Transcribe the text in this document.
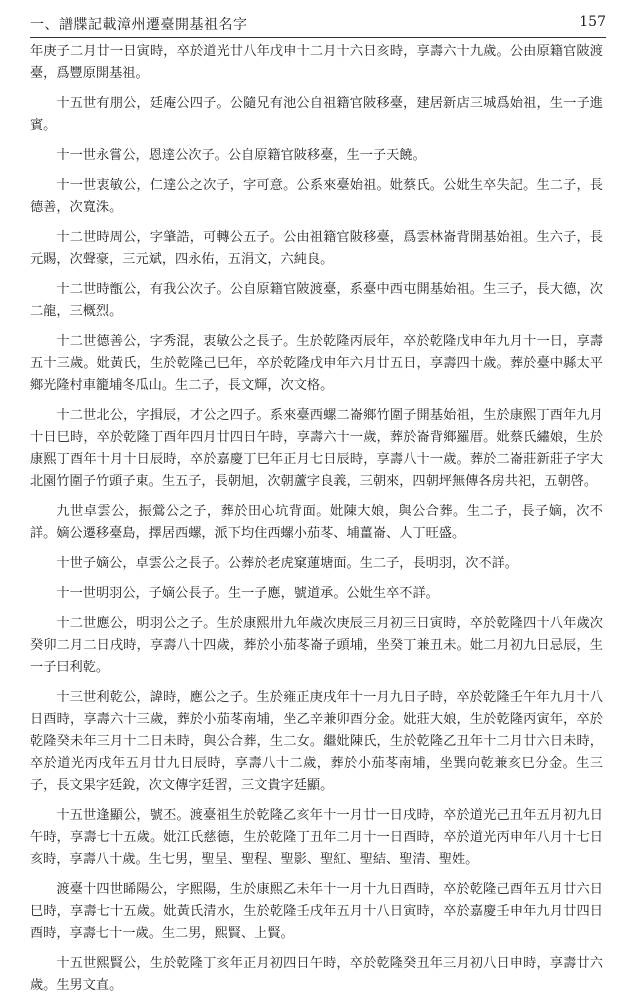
一、譜牒記載漳州遷臺開基祖名字	157

年庚子二月廿一日寅時，卒於道光廿八年戊申十二月十六日亥時，享壽六十九歲。公由原籍官陂渡臺，爲豐原開基祖。

十五世有朋公，廷庵公四子。公隨兄有池公自祖籍官陂移臺，建居新店三城爲始祖，生一子進賓。

十一世永嘗公，恩達公次子。公自原籍官陂移臺，生一子天饒。

十一世衷敏公，仁達公之次子，字可意。公系來臺始祖。妣蔡氏。公妣生卒失記。生二子，長德善，次寬洙。

十二世時周公，字肇誥，可轉公五子。公由祖籍官陂移臺，爲雲林崙背開基始祖。生六子，長元賜，次聲豪，三元斌，四永佑，五涓文，六純良。

十二世時甑公，有我公次子。公自原籍官陂渡臺，系臺中西屯開基始祖。生三子，長大德，次二龍，三概烈。

十二世德善公，字秀混，衷敏公之長子。生於乾隆丙辰年，卒於乾隆戊申年九月十一日，享壽五十三歲。妣黃氏，生於乾隆己巳年，卒於乾隆戊申年六月廿五日，享壽四十歲。葬於臺中縣太平鄉光隆村車籠埔冬瓜山。生二子，長文輝，次文格。

十二世北公，字揖辰，才公之四子。系來臺西螺二崙鄉竹圍子開基始祖，生於康熙丁酉年九月十日巳時，卒於乾隆丁酉年四月廿四日午時，享壽六十一歲，葬於崙背鄉羅厝。妣蔡氏繡娘，生於康熙丁酉年十月十日辰時，卒於嘉慶丁巳年正月七日辰時，享壽八十一歲。葬於二崙莊新莊子字大北園竹圍子竹頭子東。生五子，長朝旭，次朝蘆字良義，三朝來，四朝坪無傳各房共祀，五朝啓。

九世卓雲公，振鶯公之子，葬於田心坑背面。妣陳大娘，與公合葬。生二子，長子嫡，次不詳。嫡公遷移臺島，擇居西螺，派下均住西螺小茄苳、埔薑崙、人丁旺盛。

十世子嫡公，卓雲公之長子。公葬於老虎窠蓮塘面。生二子，長明羽，次不詳。

十一世明羽公，子嫡公長子。生一子應，號道承。公妣生卒不詳。

十二世應公，明羽公之子。生於康熙卅九年歲次庚辰三月初三日寅時，卒於乾隆四十八年歲次癸卯二月二日戌時，享壽八十四歲，葬於小茄苳崙子頭埔，坐癸丁兼丑未。妣二月初九日忌辰，生一子曰利乾。

十三世利乾公，諱時，應公之子。生於雍正庚戌年十一月九日子時，卒於乾隆壬午年九月十八日酉時，享壽六十三歲，葬於小茄苳南埔，坐乙辛兼卯酉分金。妣莊大娘，生於乾隆丙寅年，卒於乾隆癸未年三月十二日未時，與公合葬，生二女。繼妣陳氏，生於乾隆乙丑年十二月廿六日未時，卒於道光丙戌年五月廿九日辰時，享壽八十二歲，葬於小茄苳南埔，坐巽向乾兼亥巳分金。生三子，長文果字廷銳，次文傳字廷習，三文貴字廷顯。

十五世逢顯公，號丕。渡臺祖生於乾隆乙亥年十一月廿一日戌時，卒於道光己丑年五月初九日午時，享壽七十五歲。妣江氏慈德，生於乾隆丁丑年二月十一日酉時，卒於道光丙申年八月十七日亥時，享壽八十歲。生七男，聖呈、聖程、聖影、聖紅、聖結、聖清、聖姓。

渡臺十四世睎陽公，字熙陽，生於康熙乙未年十一月十九日酉時，卒於乾隆己酉年五月廿六日巳時，享壽七十五歲。妣黃氏清水，生於乾隆壬戌年五月十八日寅時，卒於嘉慶壬申年九月廿四日酉時，享壽七十一歲。生二男，熙賢、上賢。

十五世熙賢公，生於乾隆丁亥年正月初四日午時，卒於乾隆癸丑年三月初八日申時，享壽廿六歲。生男文直。
